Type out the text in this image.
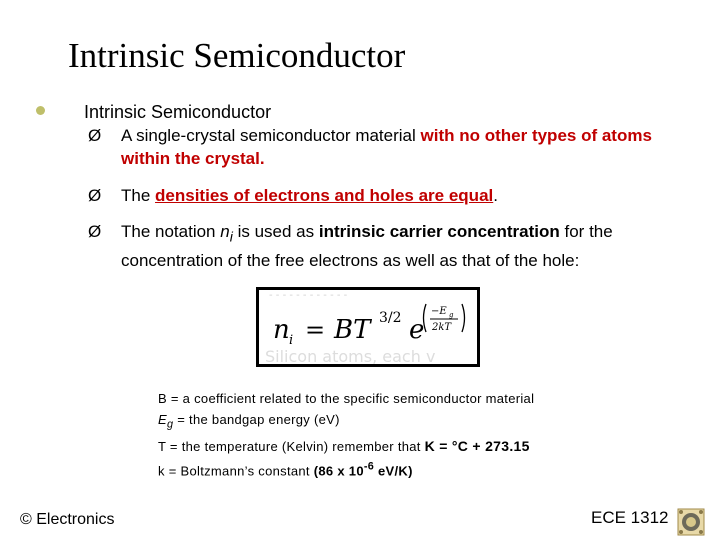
Intrinsic Semiconductor
Intrinsic Semiconductor
Ø A single-crystal semiconductor material with no other types of atoms within the crystal.
Ø The densities of electrons and holes are equal.
Ø The notation $n_i$ is used as intrinsic carrier concentration for the concentration of the free electrons as well as that of the hole:
- - - - - - - - - - - -
Silicon atoms, each v
n i = BT 3/2 e
−E g
2kT
B = a coefficient related to the specific semiconductor material
$E_g$ = the bandgap energy (eV)
T = the temperature (Kelvin) remember that K = °C + 273.15
k = Boltzmann’s constant (86 x $10^{-6}$ eV/K)
© Electronics	ECE 1312
